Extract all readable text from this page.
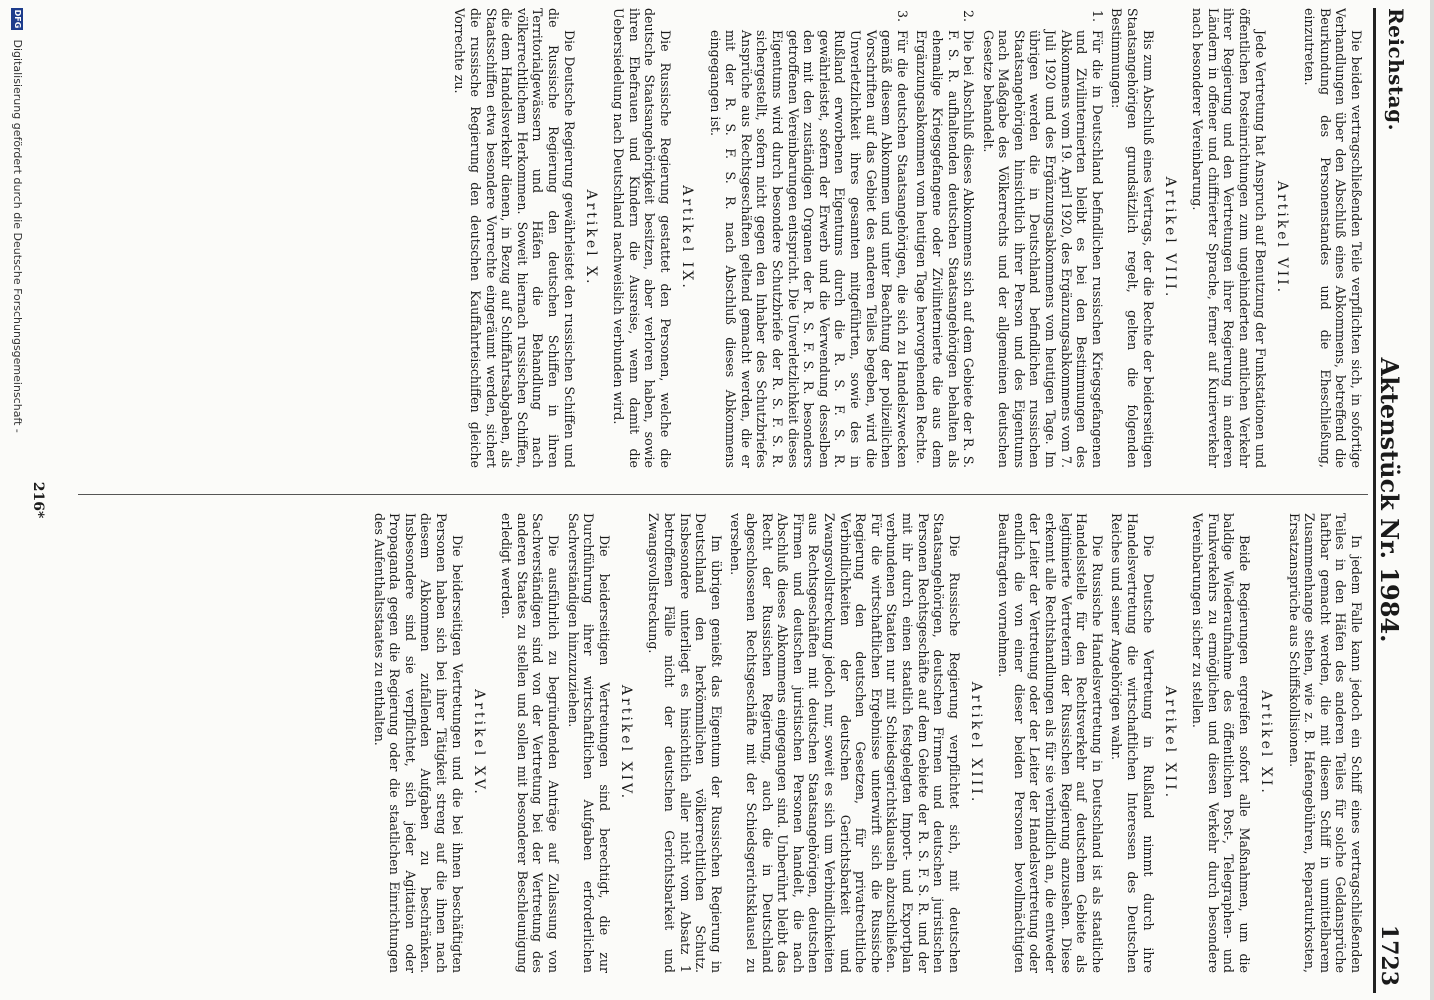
Reichstag.
Aktenstück Nr. 1984.
1723

Die beiden vertragschließenden Teile verpflichten sich, in sofortige Verhandlungen über den Abschluß eines Abkommens, betreffend die Beurkundung des Personenstandes und die Eheschließung, einzutreten.

Artikel VII.

Jede Vertretung hat Anspruch auf Benutzung der Funkstationen und öffentlichen Posteinrichtungen zum ungehinderten amtlichen Verkehr ihrer Regierung und den Vertretungen ihrer Regierung in anderen Ländern in offener und chiffrierter Sprache, ferner auf Kurierverkehr nach besonderer Vereinbarung.

Artikel VIII.

Bis zum Abschluß eines Vertrags, der die Rechte der beiderseitigen Staatsangehörigen grundsätzlich regelt, gelten die folgenden Bestimmungen:

1.
Für die in Deutschland befindlichen russischen Kriegsgefangenen und Zivilinternierten bleibt es bei den Bestimmungen des Abkommens vom 19. April 1920, des Ergänzungsabkommens vom 7. Juli 1920 und des Ergänzungsabkommens vom heutigen Tage. Im übrigen werden die in Deutschland befindlichen russischen Staatsangehörigen hinsichtlich ihrer Person und des Eigentums nach Maßgabe des Völkerrechts und der allgemeinen deutschen Gesetze behandelt.
2.
Die bei Abschluß dieses Abkommens sich auf dem Gebiete der R. S. F. S. R. aufhaltenden deutschen Staatsangehörigen behalten als ehemalige Kriegsgefangene oder Zivilinternierte die aus dem Ergänzungsabkommen vom heutigen Tage hervorgehenden Rechte.
3.
Für die deutschen Staatsangehörigen, die sich zu Handelszwecken gemäß diesem Abkommen und unter Beachtung der polizeilichen Vorschriften auf das Gebiet des anderen Teiles begeben, wird die Unverletzlichkeit ihres gesamten mitgeführten, sowie des in Rußland erworbenen Eigentums durch die R. S. F. S. R. gewährleistet, sofern der Erwerb und die Verwendung desselben den mit den zuständigen Organen der R. S. F. S. R. besonders getroffenen Vereinbarungen entspricht. Die Unverletzlichkeit dieses Eigentums wird durch besondere Schutzbriefe der R. S. F. S. R. sichergestellt, sofern nicht gegen den Inhaber des Schutzbriefes Ansprüche aus Rechtsgeschäften geltend gemacht werden, die er mit der R. S. F. S. R. nach Abschluß dieses Abkommens eingegangen ist.
Artikel IX.

Die Russische Regierung gestattet den Personen, welche die deutsche Staatsangehörigkeit besitzen, aber verloren haben, sowie ihren Ehefrauen und Kindern die Ausreise, wenn damit die Uebersiedelung nach Deutschland nachweislich verbunden wird.

Artikel X.

Die Deutsche Regierung gewährleistet den russischen Schiffen und die Russische Regierung den deutschen Schiffen in ihren Territorialgewässern und Häfen die Behandlung nach völkerrechtlichem Herkommen. Soweit hiernach russischen Schiffen, die dem Handelsverkehr dienen, in Bezug auf Schiffahrtsabgaben, als Staatsschiffen etwa besondere Vorrechte eingeräumt werden, sichert die russische Regierung den deutschen Kauffahrteischiffen gleiche Vorrechte zu.

In jedem Falle kann jedoch ein Schiff eines vertragschließenden Teiles in den Häfen des anderen Teiles für solche Geldansprüche haftbar gemacht werden, die mit diesem Schiff in unmittelbarem Zusammenhange stehen, wie z. B. Hafengebühren, Reparaturkosten, Ersatzansprüche aus Schiffskollisionen.

Artikel XI.

Beide Regierungen ergreifen sofort alle Maßnahmen, um die baldige Wiederaufnahme des öffentlichen Post-, Telegraphen- und Funkverkehrs zu ermöglichen und diesen Verkehr durch besondere Vereinbarungen sicher zu stellen.

Artikel XII.

Die Deutsche Vertretung in Rußland nimmt durch ihre Handelsvertretung die wirtschaftlichen Interessen des Deutschen Reiches und seiner Angehörigen wahr.

Die Russische Handelsvertretung in Deutschland ist als staatliche Handelsstelle für den Rechtsverkehr auf deutschem Gebiete als legitimierte Vertreterin der Russischen Regierung anzusehen. Diese erkennt alle Rechtshandlungen als für sie verbindlich an, die entweder der Leiter der Vertretung oder der Leiter der Handelsvertretung oder endlich die von einer dieser beiden Personen bevollmächtigten Beauftragten vornehmen.

Artikel XIII.

Die Russische Regierung verpflichtet sich, mit deutschen Staatsangehörigen, deutschen Firmen und deutschen juristischen Personen Rechtsgeschäfte auf dem Gebiete der R. S. F. S. R. und der mit ihr durch einen staatlich festgelegten Import- und Exportplan verbundenen Staaten nur mit Schiedsgerichtsklauseln abzuschließen. Für die wirtschaftlichen Ergebnisse unterwirft sich die Russische Regierung den deutschen Gesetzen, für privatrechtliche Verbindlichkeiten der deutschen Gerichtsbarkeit und Zwangsvollstreckung jedoch nur, soweit es sich um Verbindlichkeiten aus Rechtsgeschäften mit deutschen Staatsangehörigen, deutschen Firmen und deutschen juristischen Personen handelt, die nach Abschluß dieses Abkommens eingegangen sind. Unberührt bleibt das Recht der Russischen Regierung, auch die in Deutschland abgeschlossenen Rechtsgeschäfte mit der Schiedsgerichtsklausel zu versehen.

Im übrigen genießt das Eigentum der Russischen Regierung in Deutschland den herkömmlichen völkerrechtlichen Schutz. Insbesondere unterliegt es hinsichtlich aller nicht vom Absatz 1 betroffenen Fälle nicht der deutschen Gerichtsbarkeit und Zwangsvollstreckung.

Artikel XIV.

Die beiderseitigen Vertretungen sind berechtigt, die zur Durchführung ihrer wirtschaftlichen Aufgaben erforderlichen Sachverständigen hinzuzuziehen.

Die ausführlich zu begründenden Anträge auf Zulassung von Sachverständigen sind von der Vertretung bei der Vertretung des anderen Staates zu stellen und sollen mit besonderer Beschleunigung erledigt werden.

Artikel XV.

Die beiderseitigen Vertretungen und die bei ihnen beschäftigten Personen haben sich bei ihrer Tätigkeit streng auf die ihnen nach diesem Abkommen zufallenden Aufgaben zu beschränken. Insbesondere sind sie verpflichtet, sich jeder Agitation oder Propaganda gegen die Regierung oder die staatlichen Einrichtungen des Aufenthaltsstaates zu enthalten.

216*
DFG Digitalisierung gefördert durch die Deutsche Forschungsgemeinschaft -
